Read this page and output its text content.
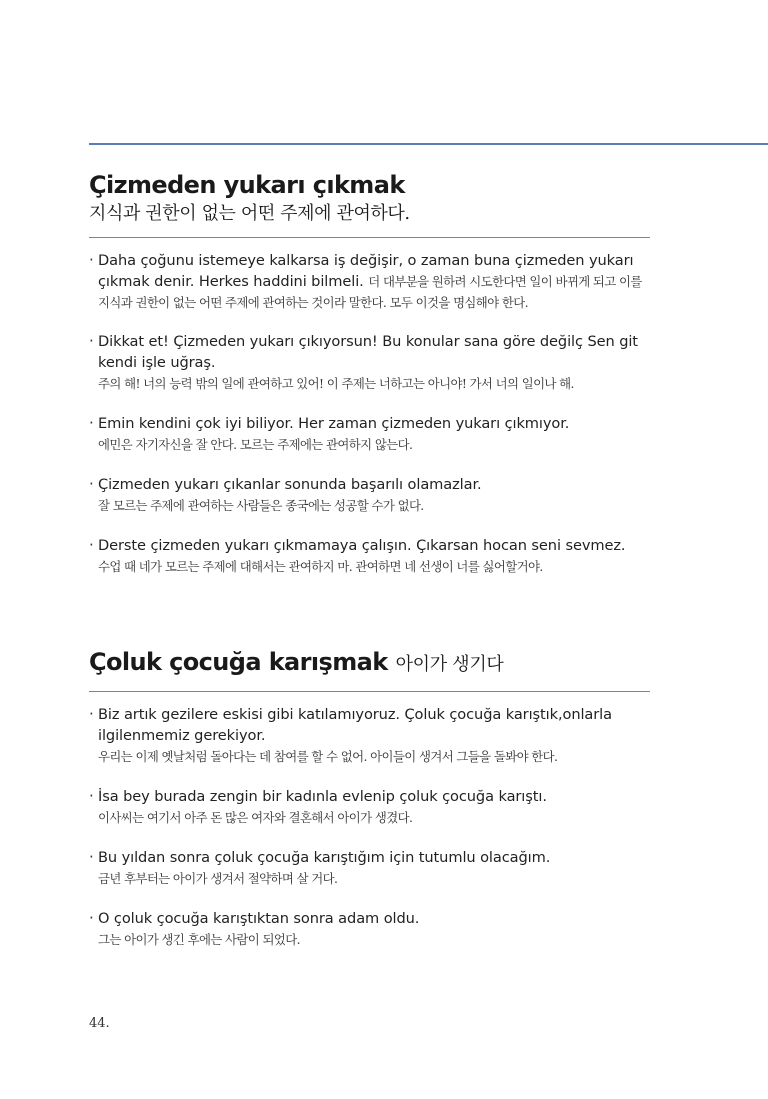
Çizmeden yukarı çıkmak
지식과 권한이 없는 어떤 주제에 관여하다.
· Daha çoğunu istemeye kalkarsa iş değişir, o zaman buna çizmeden yukarı çıkmak denir. Herkes haddini bilmeli. 더 대부분을 원하려 시도한다면 일이 바뀌게 되고 이를 지식과 권한이 없는 어떤 주제에 관여하는 것이라 말한다. 모두 이것을 명심해야 한다.
· Dikkat et! Çizmeden yukarı çıkıyorsun! Bu konular sana göre değilç Sen git kendi işle uğraş.
주의 해! 너의 능력 밖의 일에 관여하고 있어! 이 주제는 너하고는 아니야! 가서 너의 일이나 해.
· Emin kendini çok iyi biliyor. Her zaman çizmeden yukarı çıkmıyor.
에민은 자기자신을 잘 안다. 모르는 주제에는 관여하지 않는다.
· Çizmeden yukarı çıkanlar sonunda başarılı olamazlar.
잘 모르는 주제에 관여하는 사람들은 종국에는 성공할 수가 없다.
· Derste çizmeden yukarı çıkmamaya çalışın. Çıkarsan hocan seni sevmez.
수업 때 네가 모르는 주제에 대해서는 관여하지 마. 관여하면 네 선생이 너를 싫어할거야.
Çoluk çocuğa karışmak 아이가 생기다
· Biz artık gezilere eskisi gibi katılamıyoruz. Çoluk çocuğa karıştık,onlarla ilgilenmemiz gerekiyor.
우리는 이제 옛날처럼 돌아다는 데 참여를 할 수 없어. 아이들이 생겨서 그들을 돌봐야 한다.
· İsa bey burada zengin bir kadınla evlenip çoluk çocuğa karıştı.
이사씨는 여기서 아주 돈 많은 여자와 결혼해서 아이가 생겼다.
· Bu yıldan sonra çoluk çocuğa karıştığım için tutumlu olacağım.
금년 후부터는 아이가 생겨서 절약하며 살 거다.
· O çoluk çocuğa karıştıktan sonra adam oldu.
그는 아이가 생긴 후에는 사람이 되었다.
44.
